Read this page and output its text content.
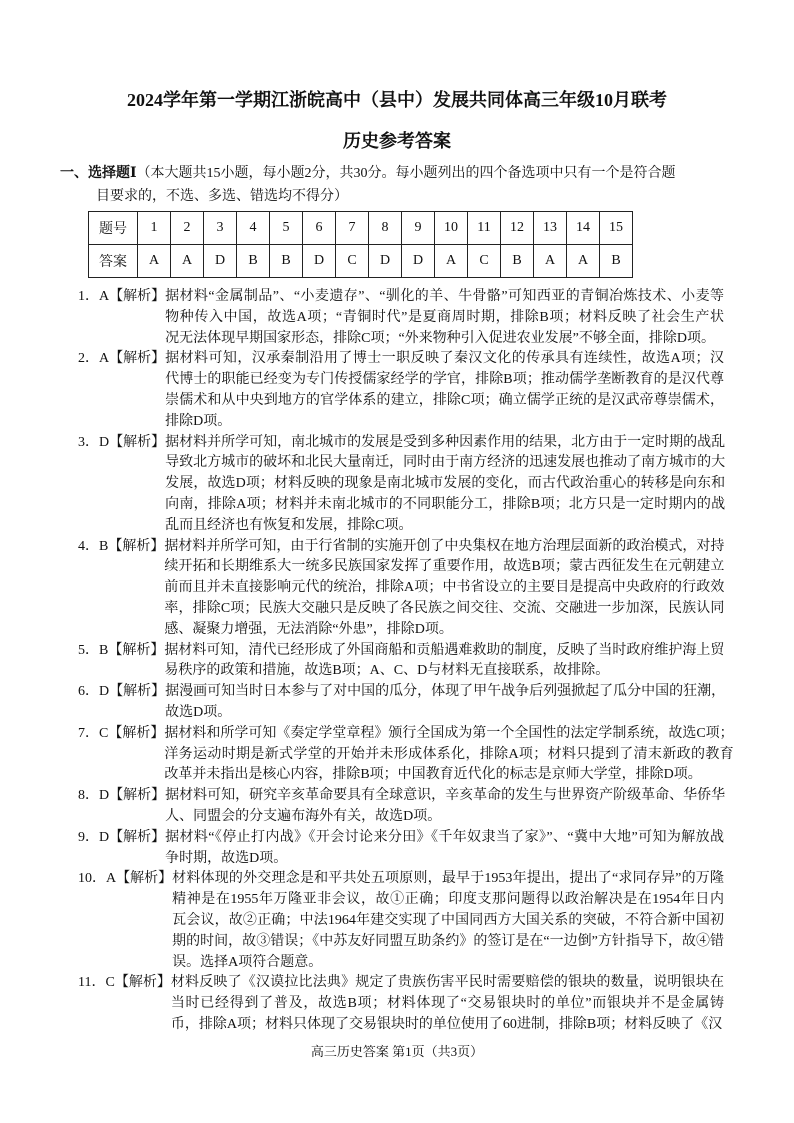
2024学年第一学期江浙皖高中（县中）发展共同体高三年级10月联考
历史参考答案
一、选择题Ⅰ（本大题共15小题，每小题2分，共30分。每小题列出的四个备选项中只有一个是符合题
目要求的，不选、多选、错选均不得分）
题号	1	2	3	4	5	6	7	8	9	10	11	12	13	14	15
答案	A	A	D	B	B	D	C	D	D	A	C	B	A	A	B
1．A【解析】 据材料“金属制品”、“小麦遗存”、“驯化的羊、牛骨骼”可知西亚的青铜冶炼技术、小麦等
物种传入中国，故选A项；“青铜时代”是夏商周时期，排除B项；材料反映了社会生产状
况无法体现早期国家形态，排除C项；“外来物种引入促进农业发展”不够全面，排除D项。
2．A【解析】 据材料可知，汉承秦制沿用了博士一职反映了秦汉文化的传承具有连续性，故选A项；汉
代博士的职能已经变为专门传授儒家经学的学官，排除B项；推动儒学垄断教育的是汉代尊
崇儒术和从中央到地方的官学体系的建立，排除C项；确立儒学正统的是汉武帝尊崇儒术，
排除D项。
3．D【解析】 据材料并所学可知，南北城市的发展是受到多种因素作用的结果，北方由于一定时期的战乱
导致北方城市的破坏和北民大量南迁，同时由于南方经济的迅速发展也推动了南方城市的大
发展，故选D项；材料反映的现象是南北城市发展的变化，而古代政治重心的转移是向东和
向南，排除A项；材料并未南北城市的不同职能分工，排除B项；北方只是一定时期内的战
乱而且经济也有恢复和发展，排除C项。
4．B【解析】 据材料并所学可知，由于行省制的实施开创了中央集权在地方治理层面新的政治模式，对持
续开拓和长期维系大一统多民族国家发挥了重要作用，故选B项；蒙古西征发生在元朝建立
前而且并未直接影响元代的统治，排除A项；中书省设立的主要目是提高中央政府的行政效
率，排除C项；民族大交融只是反映了各民族之间交往、交流、交融进一步加深，民族认同
感、凝聚力增强，无法消除“外患”，排除D项。
5．B【解析】 据材料可知，清代已经形成了外国商船和贡船遇难救助的制度，反映了当时政府维护海上贸
易秩序的政策和措施，故选B项；A、C、D与材料无直接联系，故排除。
6．D【解析】 据漫画可知当时日本参与了对中国的瓜分，体现了甲午战争后列强掀起了瓜分中国的狂潮，
故选D项。
7．C【解析】 据材料和所学可知《奏定学堂章程》颁行全国成为第一个全国性的法定学制系统，故选C项；
洋务运动时期是新式学堂的开始并未形成体系化，排除A项；材料只提到了清末新政的教育
改革并未指出是核心内容，排除B项；中国教育近代化的标志是京师大学堂，排除D项。
8．D【解析】 据材料可知，研究辛亥革命要具有全球意识，辛亥革命的发生与世界资产阶级革命、华侨华
人、同盟会的分支遍布海外有关，故选D项。
9．D【解析】 据材料“《停止打内战》《开会讨论来分田》《千年奴隶当了家》”、“冀中大地”可知为解放战
争时期，故选D项。
10．A【解析】 材料体现的外交理念是和平共处五项原则，最早于1953年提出，提出了“求同存异”的万隆
精神是在1955年万隆亚非会议，故①正确；印度支那问题得以政治解决是在1954年日内
瓦会议，故②正确；中法1964年建交实现了中国同西方大国关系的突破，不符合新中国初
期的时间，故③错误；《中苏友好同盟互助条约》的签订是在“一边倒”方针指导下，故④错
误。选择A项符合题意。
11．C【解析】 材料反映了《汉谟拉比法典》规定了贵族伤害平民时需要赔偿的银块的数量，说明银块在
当时已经得到了普及，故选B项；材料体现了“交易银块时的单位”而银块并不是金属铸
币，排除A项；材料只体现了交易银块时的单位使用了60进制，排除B项；材料反映了《汉
高三历史答案 第1页（共3页）
